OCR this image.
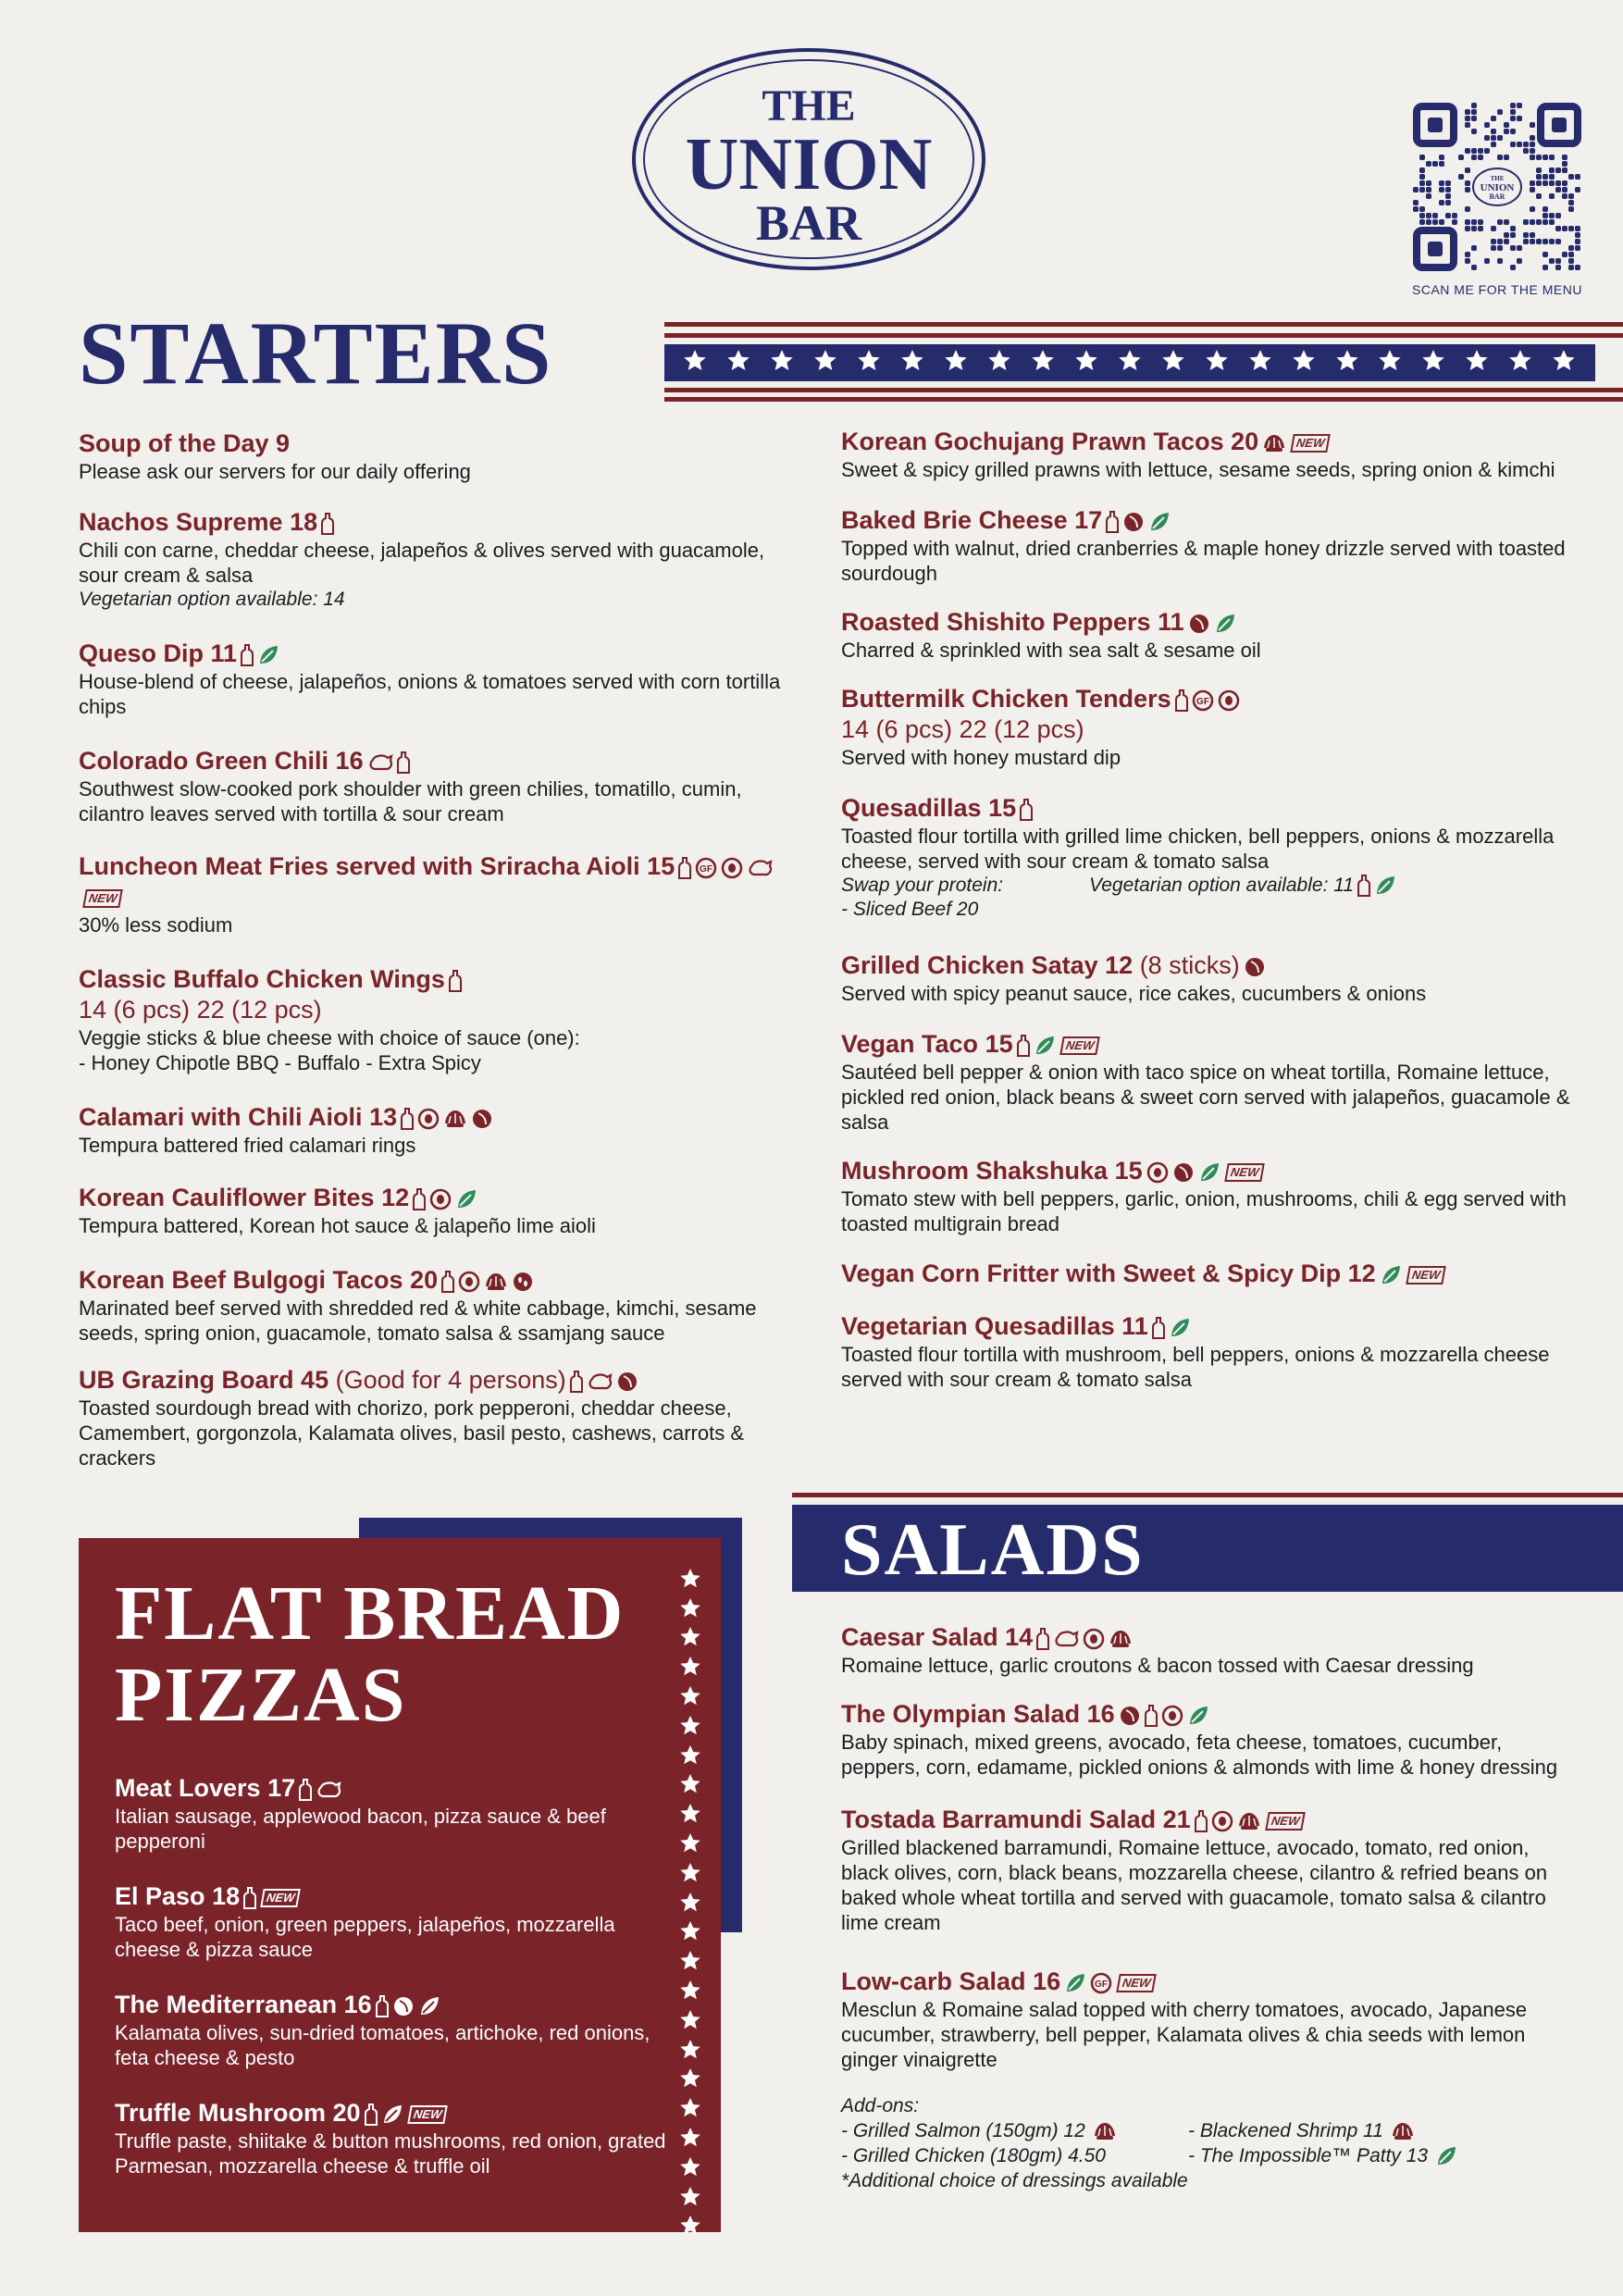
THE
UNION
BAR
THE
UNION
BAR
SCAN ME FOR THE MENU
STARTERS
Soup of the Day 9
Please ask our servers for our daily offering
Nachos Supreme 18
Chili con carne, cheddar cheese, jalapeños & olives served with guacamole, sour cream & salsa
Vegetarian option available: 14
Queso Dip 11
House-blend of cheese, jalapeños, onions & tomatoes served with corn tortilla chips
Colorado Green Chili 16
Southwest slow-cooked pork shoulder with green chilies, tomatillo, cumin, cilantro leaves served with tortilla & sour cream
Luncheon Meat Fries served with Sriracha Aioli 15	GF
NEW
30% less sodium
Classic Buffalo Chicken Wings
14 (6 pcs) 22 (12 pcs)
Veggie sticks & blue cheese with choice of sauce (one):
- Honey Chipotle BBQ - Buffalo - Extra Spicy
Calamari with Chili Aioli 13
Tempura battered fried calamari rings
Korean Cauliflower Bites 12
Tempura battered, Korean hot sauce & jalapeño lime aioli
Korean Beef Bulgogi Tacos 20
Marinated beef served with shredded red & white cabbage, kimchi, sesame seeds, spring onion, guacamole, tomato salsa & ssamjang sauce
UB Grazing Board 45 (Good for 4 persons)
Toasted sourdough bread with chorizo, pork pepperoni, cheddar cheese, Camembert, gorgonzola, Kalamata olives, basil pesto, cashews, carrots & crackers
Korean Gochujang Prawn Tacos 20	NEW
Sweet & spicy grilled prawns with lettuce, sesame seeds, spring onion & kimchi
Baked Brie Cheese 17
Topped with walnut, dried cranberries & maple honey drizzle served with toasted sourdough
Roasted Shishito Peppers 11
Charred & sprinkled with sea salt & sesame oil
Buttermilk Chicken Tenders	GF
14 (6 pcs) 22 (12 pcs)
Served with honey mustard dip
Quesadillas 15
Toasted flour tortilla with grilled lime chicken, bell peppers, onions & mozzarella cheese, served with sour cream & tomato salsa
Swap your protein:
- Sliced Beef 20
Vegetarian option available: 11
Grilled Chicken Satay 12 (8 sticks)
Served with spicy peanut sauce, rice cakes, cucumbers & onions
Vegan Taco 15	NEW
Sautéed bell pepper & onion with taco spice on wheat tortilla, Romaine lettuce, pickled red onion, black beans & sweet corn served with jalapeños, guacamole & salsa
Mushroom Shakshuka 15	NEW
Tomato stew with bell peppers, garlic, onion, mushrooms, chili & egg served with toasted multigrain bread
Vegan Corn Fritter with Sweet & Spicy Dip 12	NEW
Vegetarian Quesadillas 11
Toasted flour tortilla with mushroom, bell peppers, onions & mozzarella cheese served with sour cream & tomato salsa
FLAT BREAD
PIZZAS
Meat Lovers 17
Italian sausage, applewood bacon, pizza sauce & beef pepperoni
El Paso 18 NEW
Taco beef, onion, green peppers, jalapeños, mozzarella cheese & pizza sauce
The Mediterranean 16
Kalamata olives, sun-dried tomatoes, artichoke, red onions, feta cheese & pesto
Truffle Mushroom 20	NEW
Truffle paste, shiitake & button mushrooms, red onion, grated Parmesan, mozzarella cheese & truffle oil
SALADS
Caesar Salad 14
Romaine lettuce, garlic croutons & bacon tossed with Caesar dressing
The Olympian Salad 16
Baby spinach, mixed greens, avocado, feta cheese, tomatoes, cucumber, peppers, corn, edamame, pickled onions & almonds with lime & honey dressing
Tostada Barramundi Salad 21	NEW
Grilled blackened barramundi, Romaine lettuce, avocado, tomato, red onion, black olives, corn, black beans, mozzarella cheese, cilantro & refried beans on baked whole wheat tortilla and served with guacamole, tomato salsa & cilantro lime cream
Low-carb Salad 16	GF NEW
Mesclun & Romaine salad topped with cherry tomatoes, avocado, Japanese cucumber, strawberry, bell pepper, Kalamata olives & chia seeds with lemon ginger vinaigrette
Add-ons:
- Grilled Salmon (150gm) 12	- Blackened Shrimp 11
- Grilled Chicken (180gm) 4.50	- The Impossible™ Patty 13
*Additional choice of dressings available
